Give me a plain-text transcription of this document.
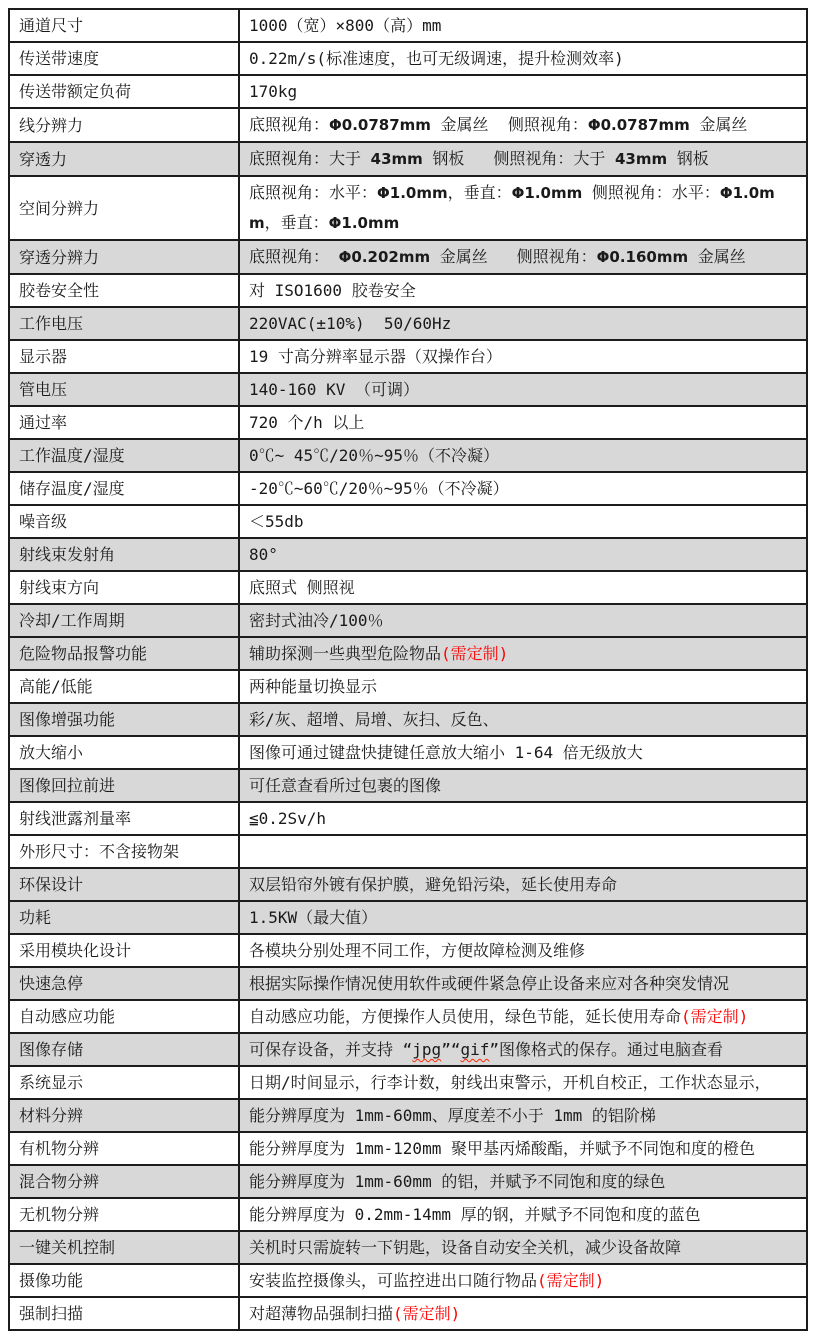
通道尺寸	1000（宽）×800（高）mm
传送带速度	0.22m/s(标准速度，也可无级调速，提升检测效率)
传送带额定负荷	170kg
线分辨力	底照视角：Φ0.0787mm 金属丝  侧照视角：Φ0.0787mm 金属丝
穿透力	底照视角：大于 43mm 钢板   侧照视角：大于 43mm 钢板
空间分辨力	底照视角：水平：Φ1.0mm，垂直：Φ1.0mm 侧照视角：水平：Φ1.0mm，垂直：Φ1.0mm
穿透分辨力	底照视角： Φ0.202mm 金属丝   侧照视角：Φ0.160mm 金属丝
胶卷安全性	对 ISO1600 胶卷安全
工作电压	220VAC(±10%)  50/60Hz
显示器	19 寸高分辨率显示器（双操作台）
管电压	140-160 KV （可调）
通过率	720 个/h 以上
工作温度/湿度	0℃~ 45℃/20％~95％（不冷凝）
储存温度/湿度	-20℃~60℃/20％~95％（不冷凝）
噪音级	＜55db
射线束发射角	80°
射线束方向	底照式 侧照视
冷却/工作周期	密封式油冷/100％
危险物品报警功能	辅助探测一些典型危险物品(需定制)
高能/低能	两种能量切换显示
图像增强功能	彩/灰、超增、局增、灰扫、反色、
放大缩小	图像可通过键盘快捷键任意放大缩小 1-64 倍无级放大
图像回拉前进	可任意查看所过包裹的图像
射线泄露剂量率	≦0.2Sv/h
外形尺寸：不含接物架	
环保设计	双层铅帘外镀有保护膜，避免铅污染，延长使用寿命
功耗	1.5KW（最大值）
采用模块化设计	各模块分别处理不同工作，方便故障检测及维修
快速急停	根据实际操作情况使用软件或硬件紧急停止设备来应对各种突发情况
自动感应功能	自动感应功能，方便操作人员使用，绿色节能，延长使用寿命(需定制)
图像存储	可保存设备，并支持 “jpg”“gif”图像格式的保存。通过电脑查看
系统显示	日期/时间显示，行李计数，射线出束警示，开机自校正，工作状态显示，
材料分辨	能分辨厚度为 1mm-60mm、厚度差不小于 1mm 的铝阶梯
有机物分辨	能分辨厚度为 1mm-120mm 聚甲基丙烯酸酯，并赋予不同饱和度的橙色
混合物分辨	能分辨厚度为 1mm-60mm 的铝，并赋予不同饱和度的绿色
无机物分辨	能分辨厚度为 0.2mm-14mm 厚的钢，并赋予不同饱和度的蓝色
一键关机控制	关机时只需旋转一下钥匙，设备自动安全关机，减少设备故障
摄像功能	安装监控摄像头，可监控进出口随行物品(需定制)
强制扫描	对超薄物品强制扫描(需定制)
